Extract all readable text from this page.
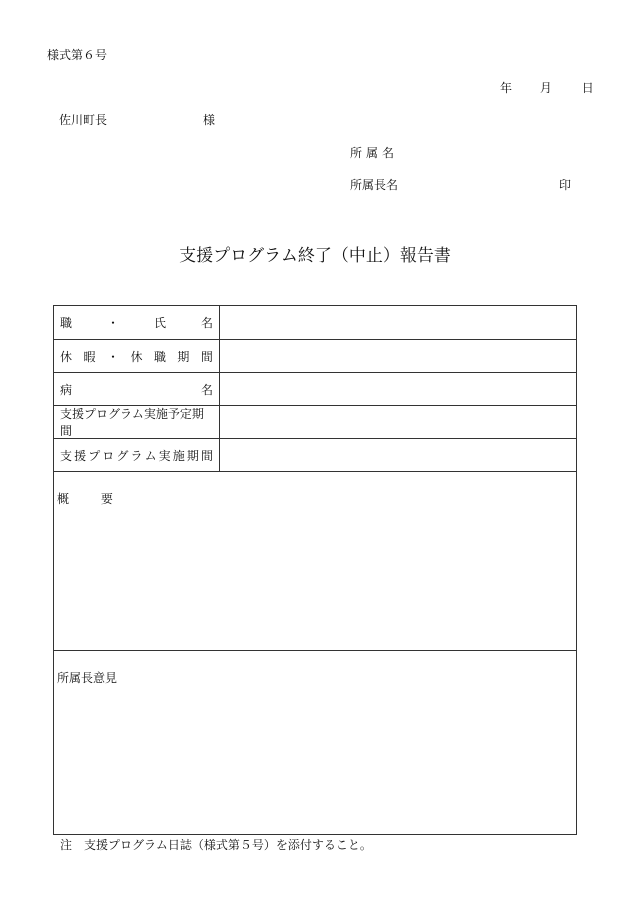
様式第６号
年 月 日
佐川町長	様
所属名
所属長名	印
支援プログラム終了（中止）報告書
職	・	氏	名
休 暇 ・ 休 職 期 間
病	名
支援プログラム実施予定期間
支 援 プ ロ グ ラ ム 実 施 期 間
概	要
所属長意見
注　支援プログラム日誌（様式第５号）を添付すること。
